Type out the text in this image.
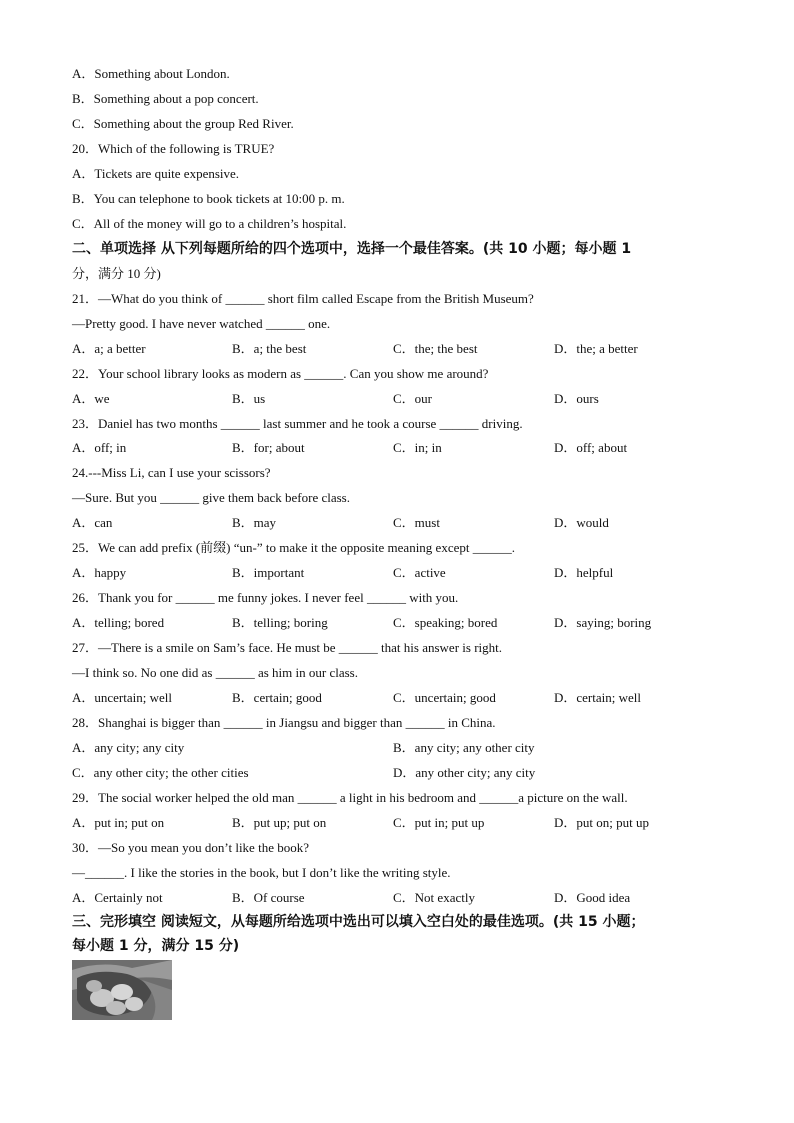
A．Something about London.
B．Something about a pop concert.
C．Something about the group Red River.
20．Which of the following is TRUE?
A．Tickets are quite expensive.
B．You can telephone to book tickets at 10:00 p. m.
C．All of the money will go to a children’s hospital.
二、单项选择 从下列每题所给的四个选项中，选择一个最佳答案。(共 10 小题；每小题 1
分，满分 10 分)
21．—What do you think of ______ short film called Escape from the British Museum?
—Pretty good. I have never watched ______ one.
A．a; a better	B．a; the best	C．the; the best	D．the; a better
22．Your school library looks as modern as ______. Can you show me around?
A．we	B．us	C．our	D．ours
23．Daniel has two months ______ last summer and he took a course ______ driving.
A．off; in	B．for; about	C．in; in	D．off; about
24.---Miss Li, can I use your scissors?
—Sure. But you ______ give them back before class.
A．can	B．may	C．must	D．would
25．We can add prefix (前缀) “un-” to make it the opposite meaning except ______.
A．happy	B．important	C．active	D．helpful
26．Thank you for ______ me funny jokes. I never feel ______ with you.
A．telling; bored	B．telling; boring	C．speaking; bored	D．saying; boring
27．—There is a smile on Sam’s face. He must be ______ that his answer is right.
—I think so. No one did as ______ as him in our class.
A．uncertain; well	B．certain; good	C．uncertain; good	D．certain; well
28．Shanghai is bigger than ______ in Jiangsu and bigger than ______ in China.
A．any city; any city	B．any city; any other city
C．any other city; the other cities	D．any other city; any city
29．The social worker helped the old man ______ a light in his bedroom and ______a picture on the wall.
A．put in; put on	B．put up; put on	C．put in; put up	D．put on; put up
30．—So you mean you don’t like the book?
—______. I like the stories in the book, but I don’t like the writing style.
A．Certainly not	B．Of course	C．Not exactly	D．Good idea
三、完形填空 阅读短文，从每题所给选项中选出可以填入空白处的最佳选项。(共 15 小题；
每小题 1 分，满分 15 分)
